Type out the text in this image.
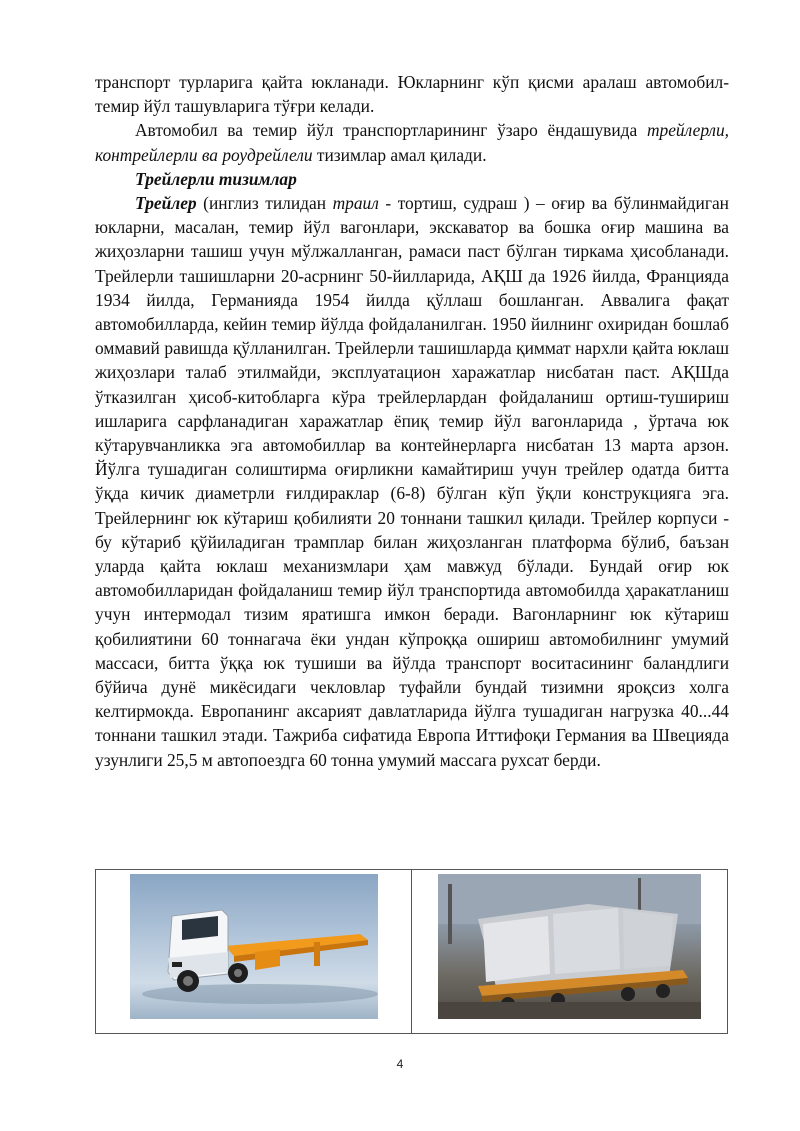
транспорт турларига қайта юкланади. Юкларнинг кўп қисми аралаш автомобил-темир йўл ташувларига тўғри келади.

Автомобил ва темир йўл транспортларининг ўзаро ёндашувида трейлерли, контрейлерли ва роудрейлели тизимлар амал қилади.

Трейлерли тизимлар

Трейлер (инглиз тилидан траил - тортиш, судраш ) – оғир ва бўлинмайдиган юкларни, масалан, темир йўл вагонлари, экскаватор ва бошка оғир машина ва жиҳозларни ташиш учун мўлжалланган, рамаси паст бўлган тиркама ҳисобланади. Трейлерли ташишларни 20-асрнинг 50-йилларида, АҚШ да 1926 йилда, Францияда 1934 йилда, Германияда 1954 йилда қўллаш бошланган. Аввалига фақат автомобилларда, кейин темир йўлда фойдаланилган. 1950 йилнинг охиридан бошлаб оммавий равишда қўлланилган. Трейлерли ташишларда қиммат нархли қайта юклаш жиҳозлари талаб этилмайди, эксплуатацион харажатлар нисбатан паст. АҚШда ўтказилган ҳисоб-китобларга кўра трейлерлардан фойдаланиш ортиш-тушириш ишларига сарфланадиган харажатлар ёпиқ темир йўл вагонларида , ўртача юк кўтарувчанликка эга автомобиллар ва контейнерларга нисбатан 13 марта арзон. Йўлга тушадиган солиштирма оғирликни камайтириш учун трейлер одатда битта ўқда кичик диаметрли ғилдираклар (6-8) бўлган кўп ўқли конструкцияга эга. Трейлернинг юк кўтариш қобилияти 20 тоннани ташкил қилади. Трейлер корпуси - бу кўтариб қўйиладиган трамплар билан жиҳозланган платформа бўлиб, баъзан уларда қайта юклаш механизмлари ҳам мавжуд бўлади. Бундай оғир юк автомобилларидан фойдаланиш темир йўл транспортида автомобилда ҳаракатланиш учун интермодал тизим яратишга имкон беради. Вагонларнинг юк кўтариш қобилиятини 60 тоннагача ёки ундан кўпроққа ошириш автомобилнинг умумий массаси, битта ўққа юк тушиши ва йўлда транспорт воситасининг баландлиги бўйича дунё микёсидаги чекловлар туфайли бундай тизимни яроқсиз холга келтирмокда. Европанинг аксарият давлатларида йўлга тушадиган нагрузка 40...44 тоннани ташкил этади. Тажриба сифатида Европа Иттифоқи Германия ва Швецияда узунлиги 25,5 м автопоездга 60 тонна умумий массага рухсат берди.

4
